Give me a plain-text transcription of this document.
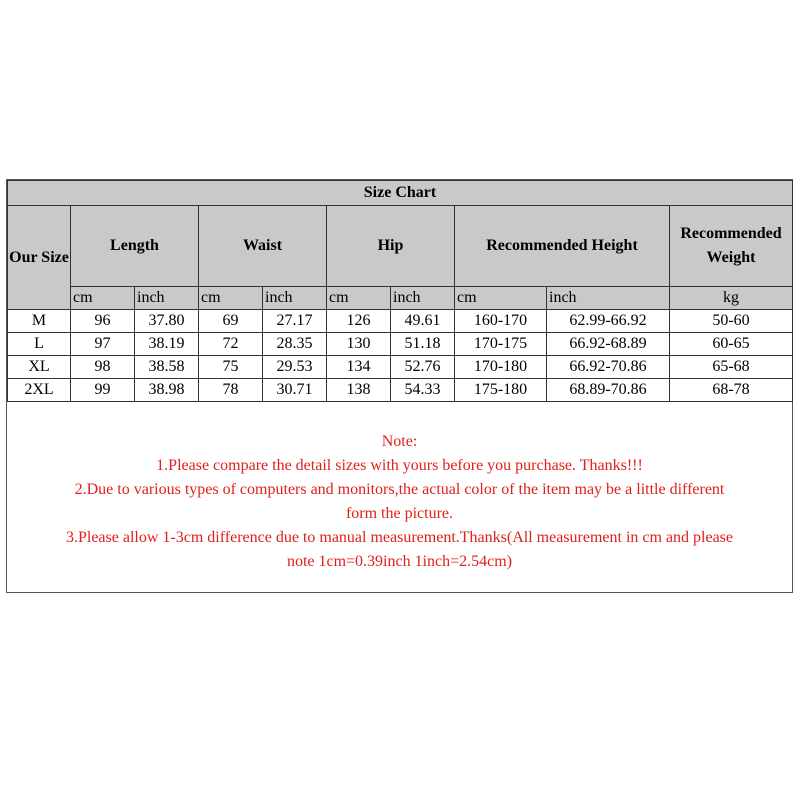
Size Chart									
Our Size	Length		Waist		Hip		Recommended Height		Recommended Weight
	cm	inch	cm	inch	cm	inch	cm	inch	kg
M	96	37.80	69	27.17	126	49.61	160-170	62.99-66.92	50-60
L	97	38.19	72	28.35	130	51.18	170-175	66.92-68.89	60-65
XL	98	38.58	75	29.53	134	52.76	170-180	66.92-70.86	65-68
2XL	99	38.98	78	30.71	138	54.33	175-180	68.89-70.86	68-78
Note:
1.Please compare the detail sizes with yours before you purchase. Thanks!!!
2.Due to various types of computers and monitors,the actual color of the item may be a little different
form the picture.
3.Please allow 1-3cm difference due to manual measurement.Thanks(All measurement in cm and please
note 1cm=0.39inch 1inch=2.54cm)
